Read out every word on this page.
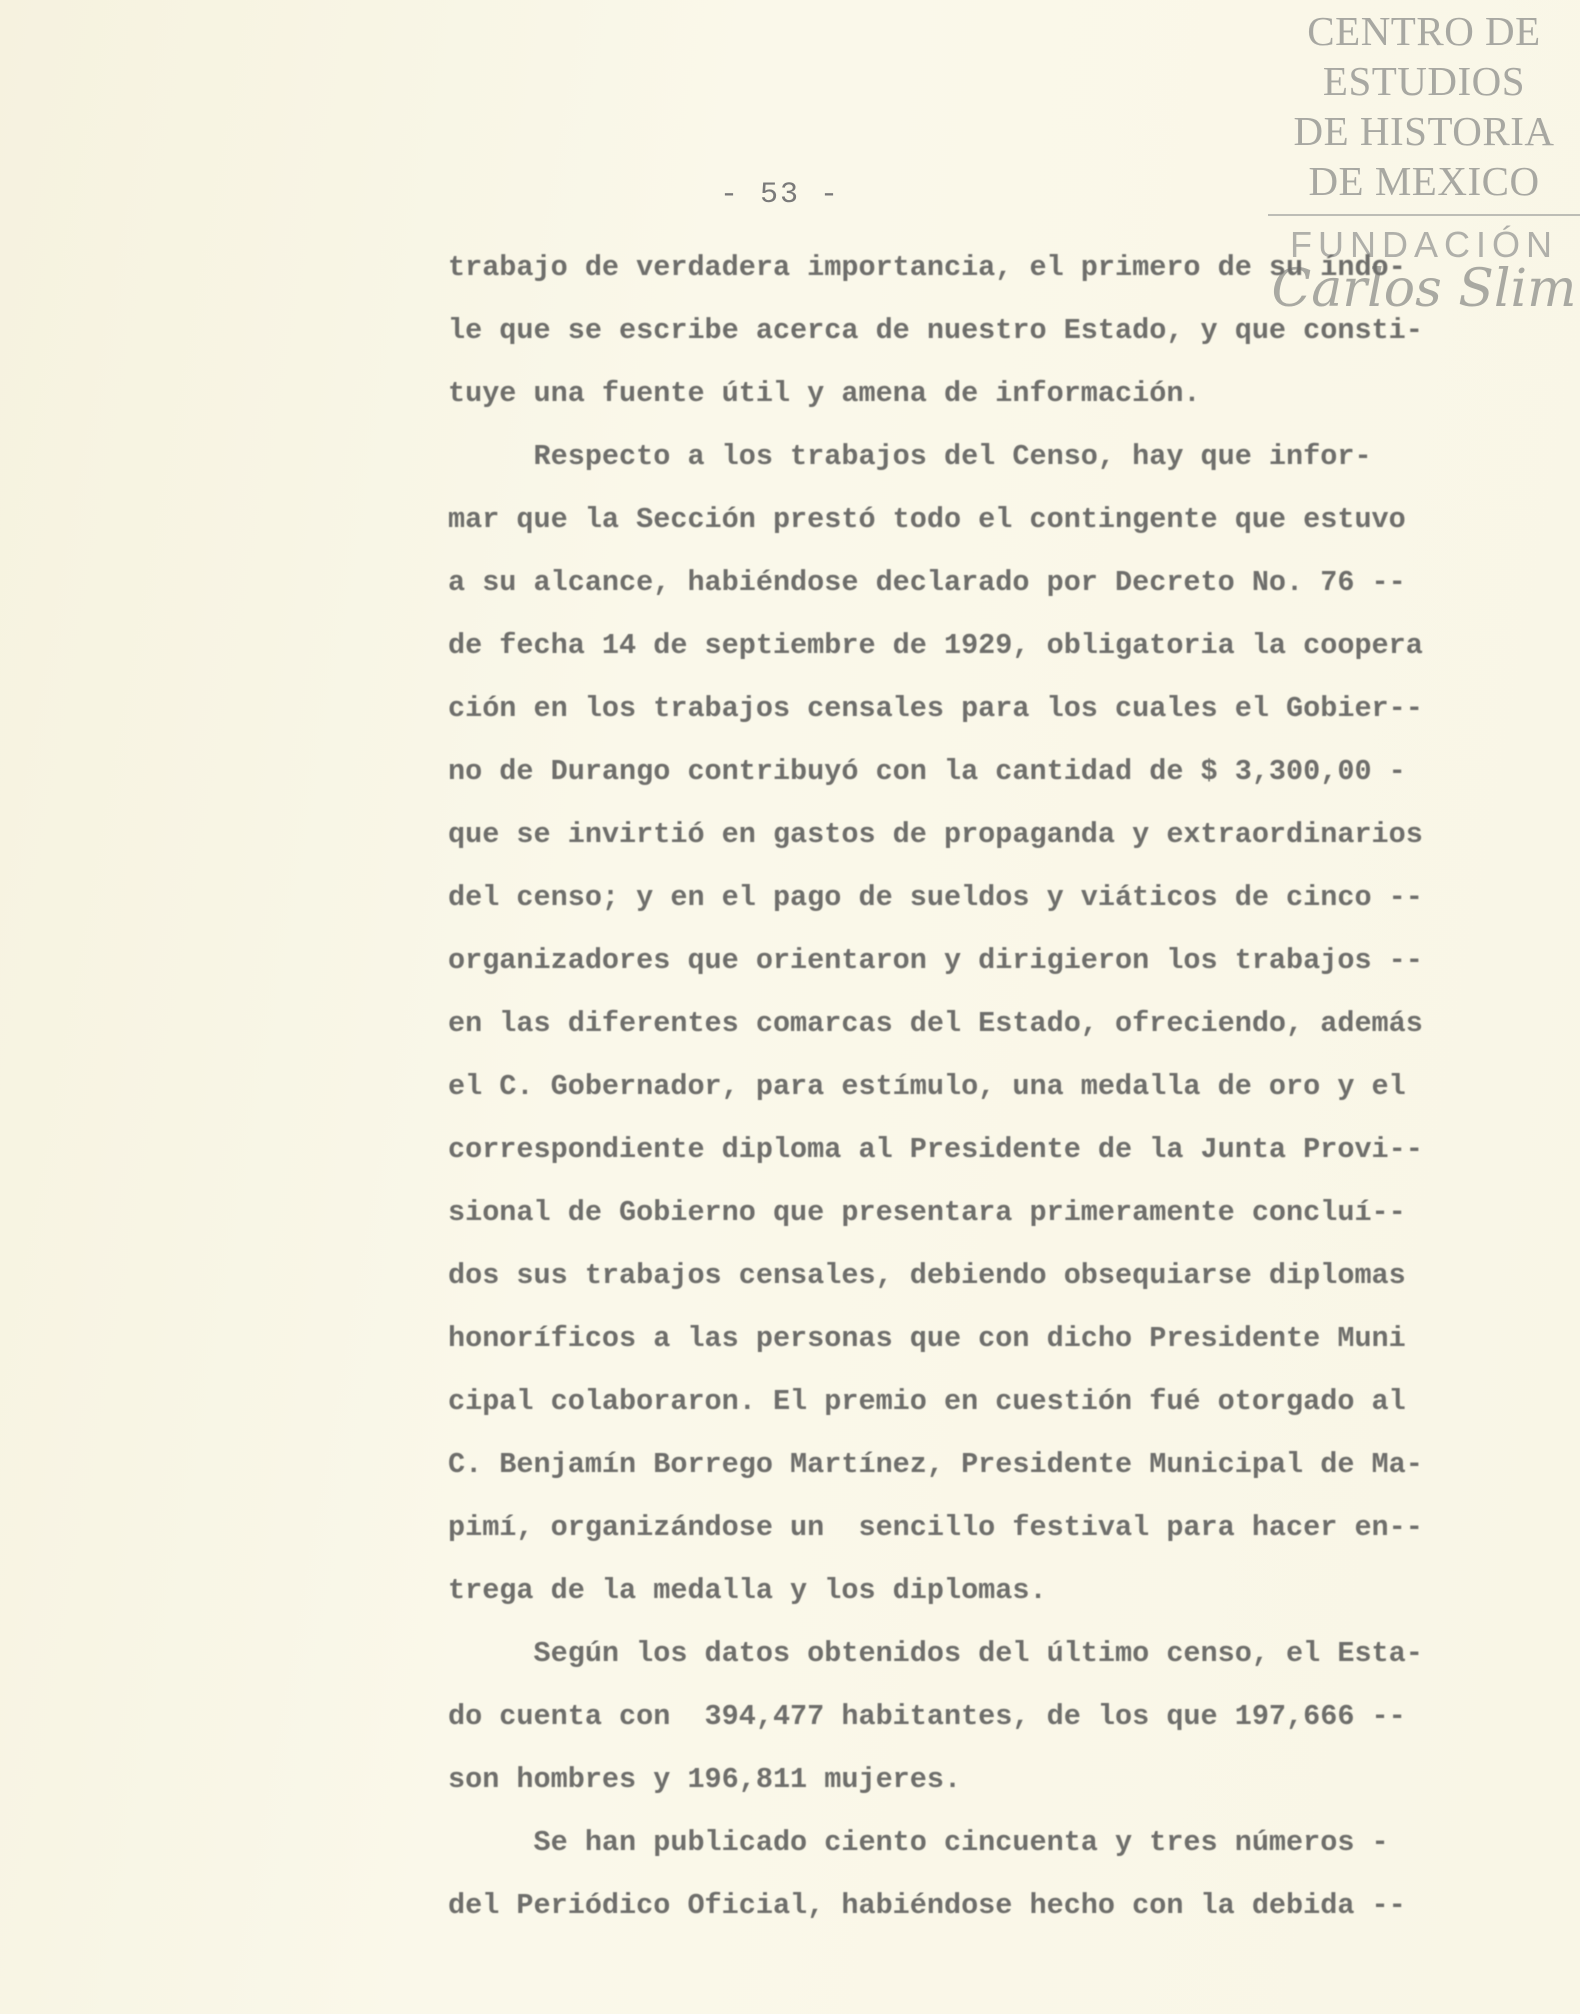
CENTRO DE
ESTUDIOS
DE HISTORIA
DE MEXICO
FUNDACIÓN
Carlos Slim
- 53 -
trabajo de verdadera importancia, el primero de su índo-
le que se escribe acerca de nuestro Estado, y que consti-
tuye una fuente útil y amena de información.
Respecto a los trabajos del Censo, hay que infor-
mar que la Sección prestó todo el contingente que estuvo
a su alcance, habiéndose declarado por Decreto No. 76 --
de fecha 14 de septiembre de 1929, obligatoria la coopera
ción en los trabajos censales para los cuales el Gobier--
no de Durango contribuyó con la cantidad de $ 3,300,00 -
que se invirtió en gastos de propaganda y extraordinarios
del censo; y en el pago de sueldos y viáticos de cinco --
organizadores que orientaron y dirigieron los trabajos --
en las diferentes comarcas del Estado, ofreciendo, además
el C. Gobernador, para estímulo, una medalla de oro y el
correspondiente diploma al Presidente de la Junta Provi--
sional de Gobierno que presentara primeramente concluí--
dos sus trabajos censales, debiendo obsequiarse diplomas
honoríficos a las personas que con dicho Presidente Muni
cipal colaboraron. El premio en cuestión fué otorgado al
C. Benjamín Borrego Martínez, Presidente Municipal de Ma-
pimí, organizándose un  sencillo festival para hacer en--
trega de la medalla y los diplomas.
Según los datos obtenidos del último censo, el Esta-
do cuenta con  394,477 habitantes, de los que 197,666 --
son hombres y 196,811 mujeres.
Se han publicado ciento cincuenta y tres números -
del Periódico Oficial, habiéndose hecho con la debida --
